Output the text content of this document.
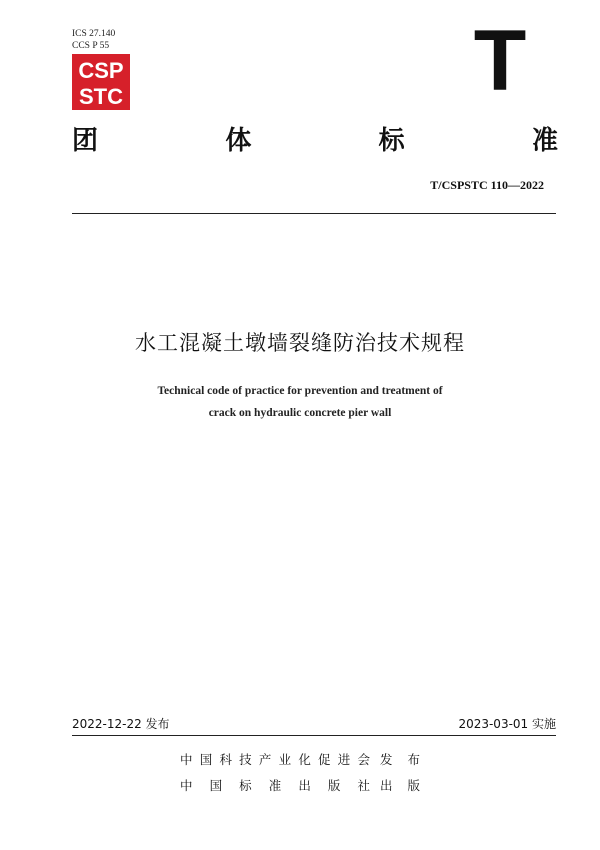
ICS 27.140
CCS P 55
CSP
STC	T
团	体	标	准
T/CSPSTC 110—2022
水工混凝土墩墙裂缝防治技术规程
Technical code of practice for prevention and treatment of
crack on hydraulic concrete pier wall
2022-12-22 发布	2023-03-01 实施
中国科技产业化促进会 发布
中国标准出版社 出版
